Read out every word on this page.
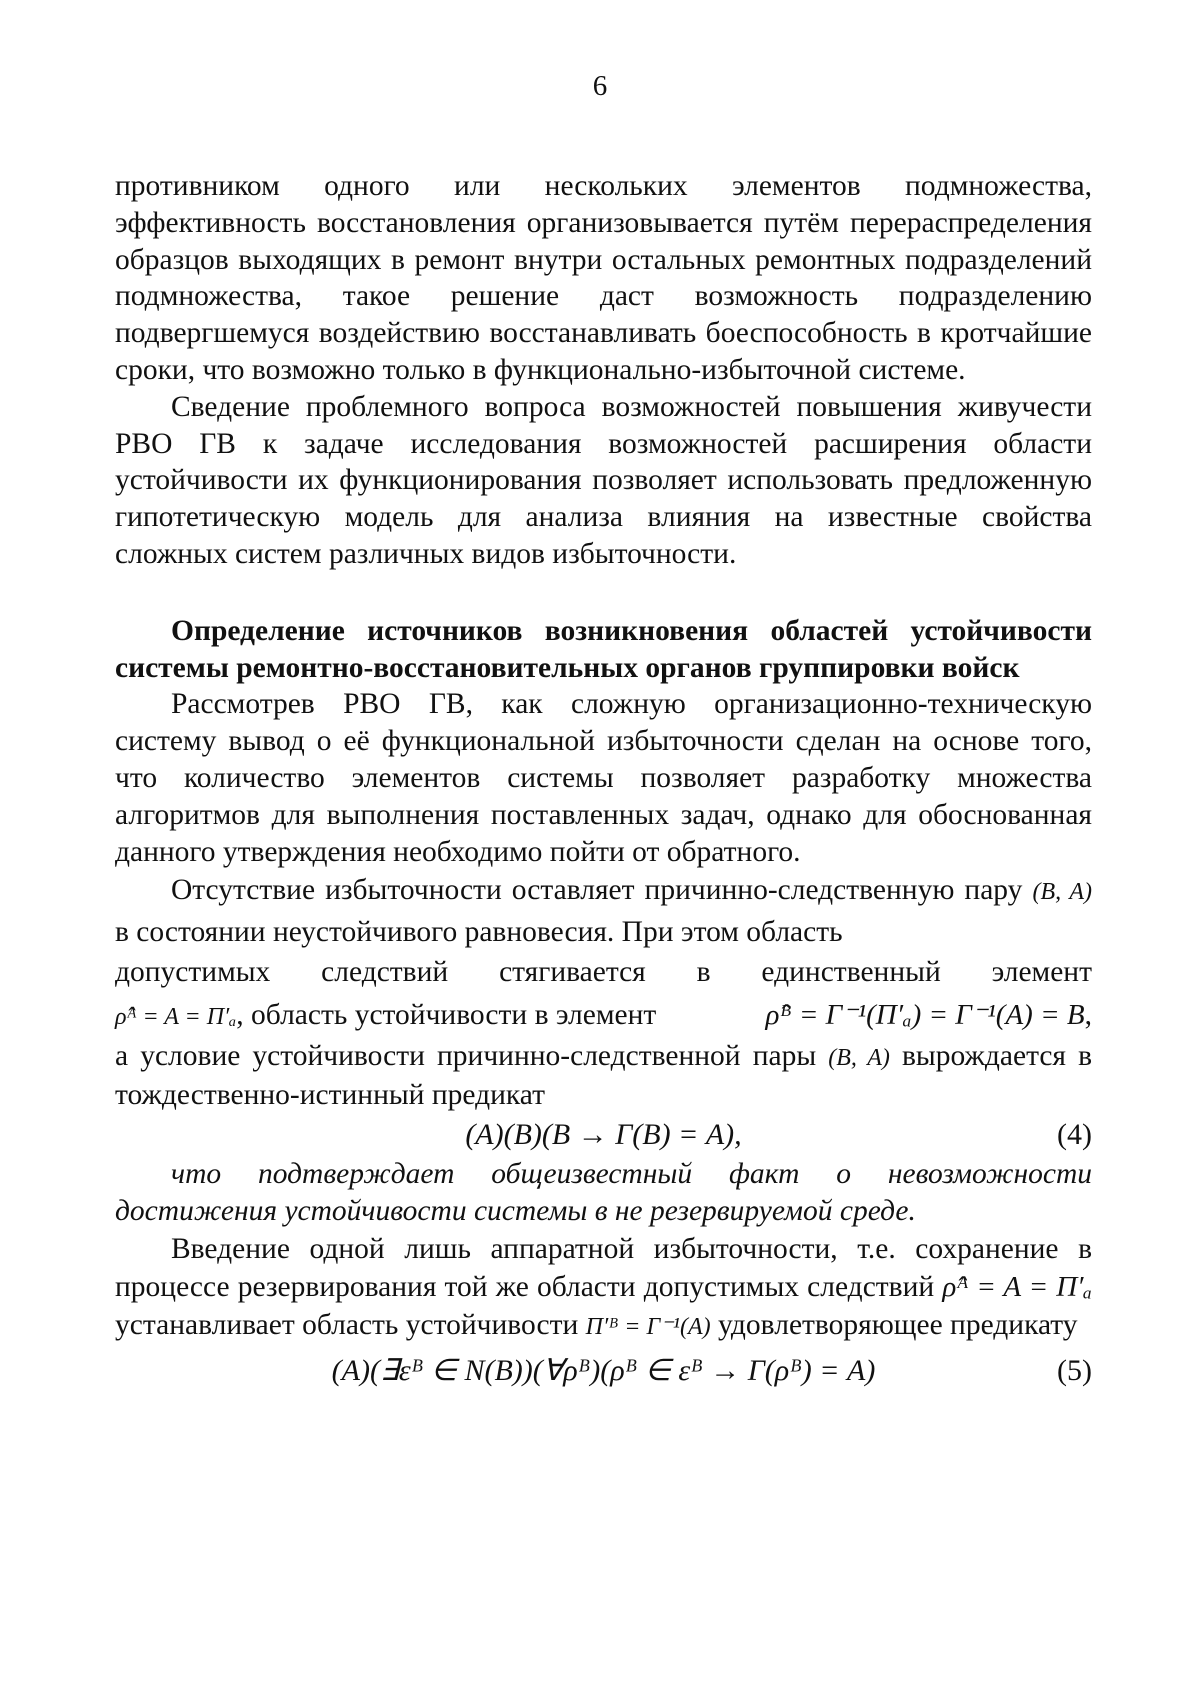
6

противником одного или нескольких элементов подмножества, эффективность восстановления организовывается путём перераспределения образцов выходящих в ремонт внутри остальных ремонтных подразделений подмножества, такое решение даст возможность подразделению подвергшемуся воздействию восстанавливать боеспособность в кротчайшие сроки, что возможно только в функционально-избыточной системе.

Сведение проблемного вопроса возможностей повышения живучести РВО ГВ к задаче исследования возможностей расширения области устойчивости их функционирования позволяет использовать предложенную гипотетическую модель для анализа влияния на известные свойства сложных систем различных видов избыточности.

Определение источников возникновения областей устойчивости системы ремонтно-восстановительных органов группировки войск

Рассмотрев РВО ГВ, как сложную организационно-техническую систему вывод о её функциональной избыточности сделан на основе того, что количество элементов системы позволяет разработку множества алгоритмов для выполнения поставленных задач, однако для обоснованная данного утверждения необходимо пойти от обратного.

Отсутствие избыточности оставляет причинно-следственную пару (B, A) в состоянии неустойчивого равновесия. При этом область

допустимых следствий стягивается в единственный элемент
ρ̂ᴬ = A = Π′ₐ, область устойчивости в элемент	ρ̂ᴮ = Γ⁻¹(Π′ₐ) = Γ⁻¹(A) = B,

а условие устойчивости причинно-следственной пары (B, A) вырождается в тождественно-истинный предикат

(A)(B)(B → Γ(B) = A),	(4)

что подтверждает общеизвестный факт о невозможности достижения устойчивости системы в не резервируемой среде.

Введение одной лишь аппаратной избыточности, т.е. сохранение в процессе резервирования той же области допустимых следствий ρ̂ᴬ = A = Π′ₐ устанавливает область устойчивости Π′ᴮ = Γ⁻¹(A) удовлетворяющее предикату

(A)(∃εᴮ ∈ N(B))(∀ρᴮ)(ρᴮ ∈ εᴮ → Γ(ρᴮ) = A)	(5)
